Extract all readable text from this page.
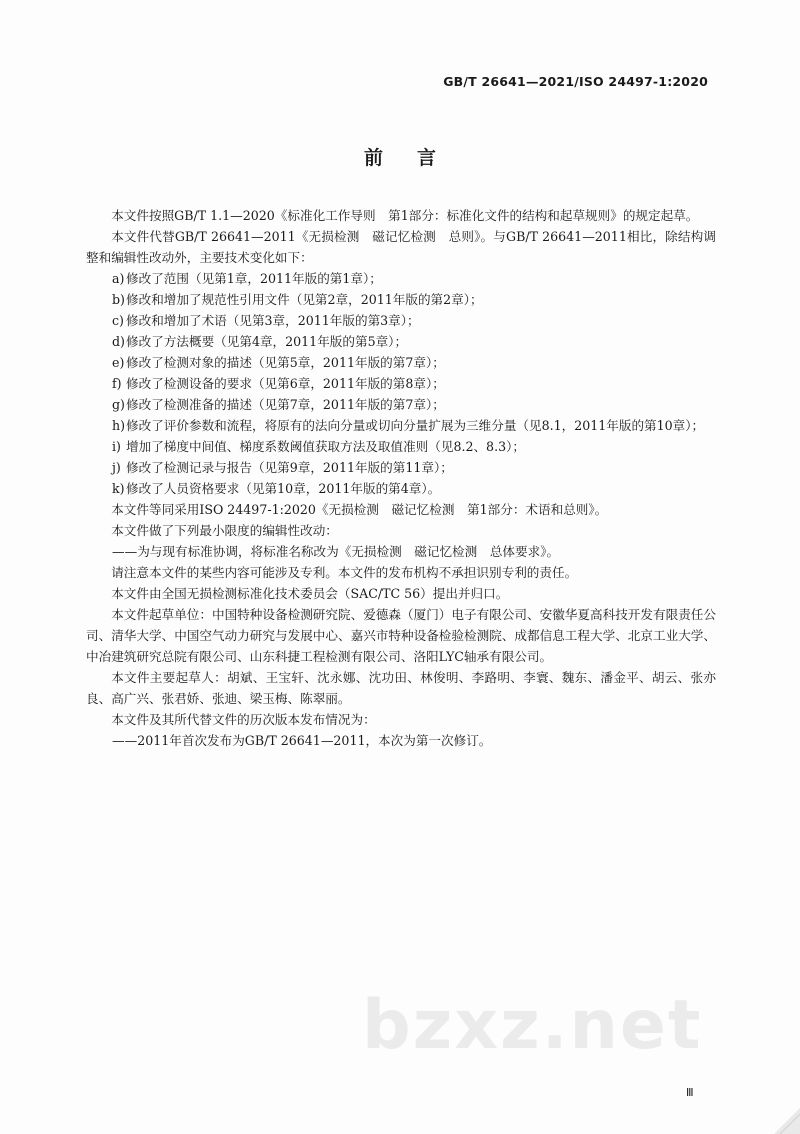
GB/T 26641—2021/ISO 24497-1:2020
前言

本文件按照GB/T 1.1—2020《标准化工作导则　第1部分：标准化文件的结构和起草规则》的规定起草。

本文件代替GB/T 26641—2011《无损检测　磁记忆检测　总则》。与GB/T 26641—2011相比，除结构调整和编辑性改动外，主要技术变化如下：

a) 修改了范围（见第1章，2011年版的第1章）；

b) 修改和增加了规范性引用文件（见第2章，2011年版的第2章）；

c) 修改和增加了术语（见第3章，2011年版的第3章）；

d) 修改了方法概要（见第4章，2011年版的第5章）；

e) 修改了检测对象的描述（见第5章，2011年版的第7章）；

f) 修改了检测设备的要求（见第6章，2011年版的第8章）；

g) 修改了检测准备的描述（见第7章，2011年版的第7章）；

h) 修改了评价参数和流程，将原有的法向分量或切向分量扩展为三维分量（见8.1，2011年版的第10章）；

i) 增加了梯度中间值、梯度系数阈值获取方法及取值准则（见8.2、8.3）；

j) 修改了检测记录与报告（见第9章，2011年版的第11章）；

k) 修改了人员资格要求（见第10章，2011年版的第4章）。

本文件等同采用ISO 24497-1:2020《无损检测　磁记忆检测　第1部分：术语和总则》。

本文件做了下列最小限度的编辑性改动：

——为与现有标准协调，将标准名称改为《无损检测　磁记忆检测　总体要求》。

请注意本文件的某些内容可能涉及专利。本文件的发布机构不承担识别专利的责任。

本文件由全国无损检测标准化技术委员会（SAC/TC 56）提出并归口。

本文件起草单位：中国特种设备检测研究院、爱德森（厦门）电子有限公司、安徽华夏高科技开发有限责任公司、清华大学、中国空气动力研究与发展中心、嘉兴市特种设备检验检测院、成都信息工程大学、北京工业大学、中冶建筑研究总院有限公司、山东科捷工程检测有限公司、洛阳LYC轴承有限公司。

本文件主要起草人：胡斌、王宝轩、沈永娜、沈功田、林俊明、李路明、李寰、魏东、潘金平、胡云、张亦良、高广兴、张君娇、张迪、梁玉梅、陈翠丽。

本文件及其所代替文件的历次版本发布情况为：

——2011年首次发布为GB/T 26641—2011，本次为第一次修订。

bzxz.net
Ⅲ
